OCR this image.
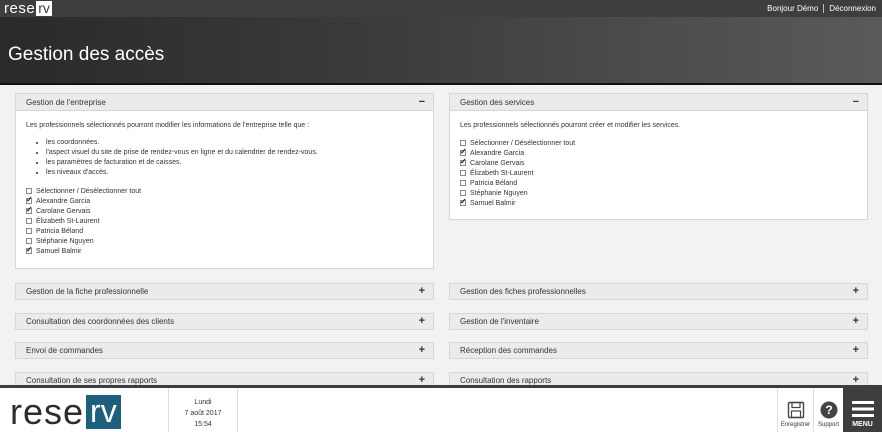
rese rv	Bonjour Démo Déconnexion
Gestion des accès
Gestion de l'entreprise	−

Les professionnels sélectionnés pourront modifier les informations de l'entreprise telle que :

• les coordonnées.
• l'aspect visuel du site de prise de rendez-vous en ligne et du calendrier de rendez-vous.
• les paramètres de facturation et de caisses.
• les niveaux d'accès.
Sélectionner / Désélectionner tout
✓
Alexandre Garcia
✓
Carolane Gervais
Élizabeth St-Laurent
Patricia Béland
Stéphanie Nguyen
✓
Samuel Balmir
Gestion des services	−

Les professionnels sélectionnés pourront créer et modifier les services.

Sélectionner / Désélectionner tout
✓
Alexandre Garcia
✓
Carolane Gervais
Élizabeth St-Laurent
Patricia Béland
Stéphanie Nguyen
✓
Samuel Balmir
Gestion de la fiche professionnelle	+
Consultation des coordonnées des clients	+
Envoi de commandes	+
Consultation de ses propres rapports	+
Gestion des fiches professionnelles	+
Gestion de l'inventaire	+
Réception des commandes	+
Consultation des rapports	+
rese rv	Lundi
7 août 2017
15:54	Enregistrer
?
Support MENU
